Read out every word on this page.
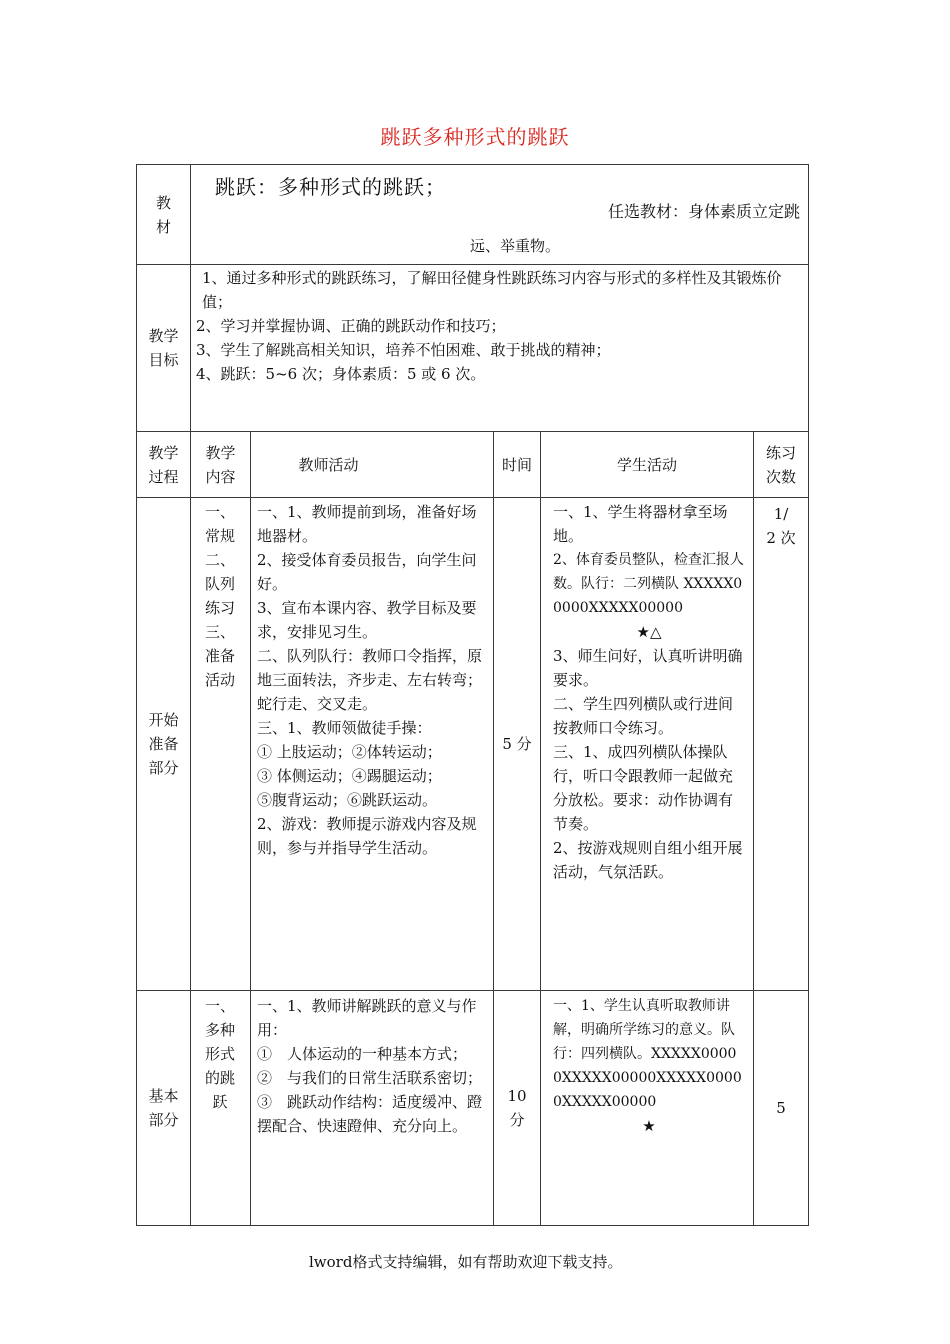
跳跃多种形式的跳跃
教
材
跳跃：多种形式的跳跃；
任选教材：身体素质立定跳
远、举重物。
教学
目标

1、通过多种形式的跳跃练习，了解田径健身性跳跃练习内容与形式的多样性及其锻炼价值；

2、学习并掌握协调、正确的跳跃动作和技巧；

3、学生了解跳高相关知识，培养不怕困难、敢于挑战的精神；

4、跳跃：5~6 次；身体素质：5 或 6 次。

教学
过程
教学
内容
教师活动	时间	学生活动
练习
次数
开始
准备
部分
一、
常规
二、
队列
练习
三、
准备
活动

一、1、教师提前到场，准备好场地器材。

2、接受体育委员报告，向学生问好。

3、宣布本课内容、教学目标及要求，安排见习生。

二、队列队行：教师口令指挥，原地三面转法，齐步走、左右转弯；蛇行走、交叉走。

三、1、教师领做徒手操：

① 上肢运动；②体转运动；

③ 体侧运动；④踢腿运动；

⑤腹背运动；⑥跳跃运动。

2、游戏：教师提示游戏内容及规则，参与并指导学生活动。

5 分

一、1、学生将器材拿至场地。

2、体育委员整队，检查汇报人数。队行：二列横队 XXXXX00000XXXXX00000

★△

3、师生问好，认真听讲明确要求。

二、学生四列横队或行进间按教师口令练习。

三、1、成四列横队体操队行，听口令跟教师一起做充分放松。要求：动作协调有节奏。

2、按游戏规则自组小组开展活动，气氛活跃。

1/
2 次
基本
部分
一、
多种
形式
的跳
跃

一、1、教师讲解跳跃的意义与作用：

①　人体运动的一种基本方式；

②　与我们的日常生活联系密切；

③　跳跃动作结构：适度缓冲、蹬摆配合、快速蹬伸、充分向上。

10
分

一、1、学生认真听取教师讲解，明确所学练习的意义。队行：四列横队。XXXXX00000XXXXX00000XXXXX00000XXXXX00000

★

5
lword格式支持编辑，如有帮助欢迎下载支持。
